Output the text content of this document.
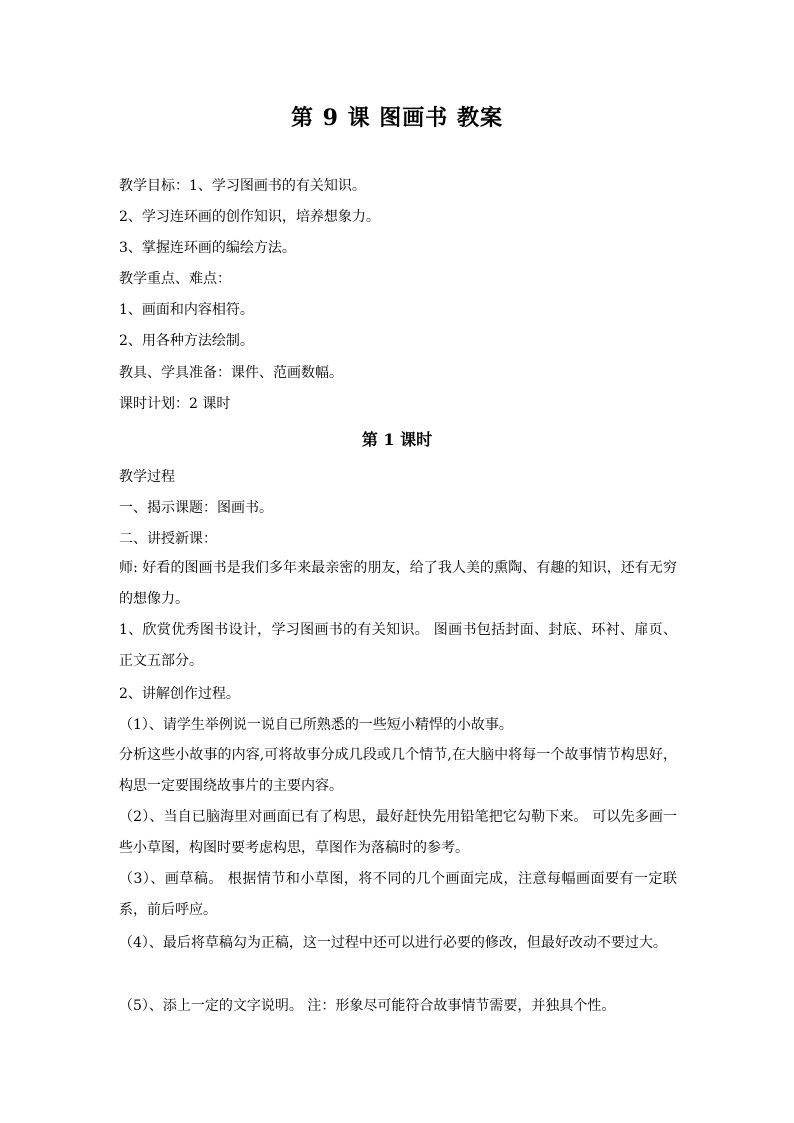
第 9 课 图画书 教案
教学目标：1、学习图画书的有关知识。
2、学习连环画的创作知识，培养想象力。
3、掌握连环画的编绘方法。
教学重点、难点：
1、画面和内容相符。
2、用各种方法绘制。
教具、学具准备：课件、范画数幅。
课时计划：2 课时
第 1 课时
教学过程
一、揭示课题：图画书。
二、讲授新课：
师: 好看的图画书是我们多年来最亲密的朋友，给了我人美的熏陶、有趣的知识，还有无穷的想像力。
1、欣赏优秀图书设计，学习图画书的有关知识。 图画书包括封面、封底、环衬、扉页、正文五部分。
2、讲解创作过程。
（1）、请学生举例说一说自已所熟悉的一些短小精悍的小故事。
分析这些小故事的内容,可将故事分成几段或几个情节,在大脑中将每一个故事情节构思好，构思一定要围绕故事片的主要内容。
（2）、当自已脑海里对画面已有了构思，最好赶快先用铅笔把它勾勒下来。 可以先多画一些小草图，构图时要考虑构思，草图作为落稿时的参考。
（3）、画草稿。 根据情节和小草图，将不同的几个画面完成，注意每幅画面要有一定联系，前后呼应。
（4）、最后将草稿勾为正稿，这一过程中还可以进行必要的修改，但最好改动不要过大。
（5）、添上一定的文字说明。 注：形象尽可能符合故事情节需要，并独具个性。
